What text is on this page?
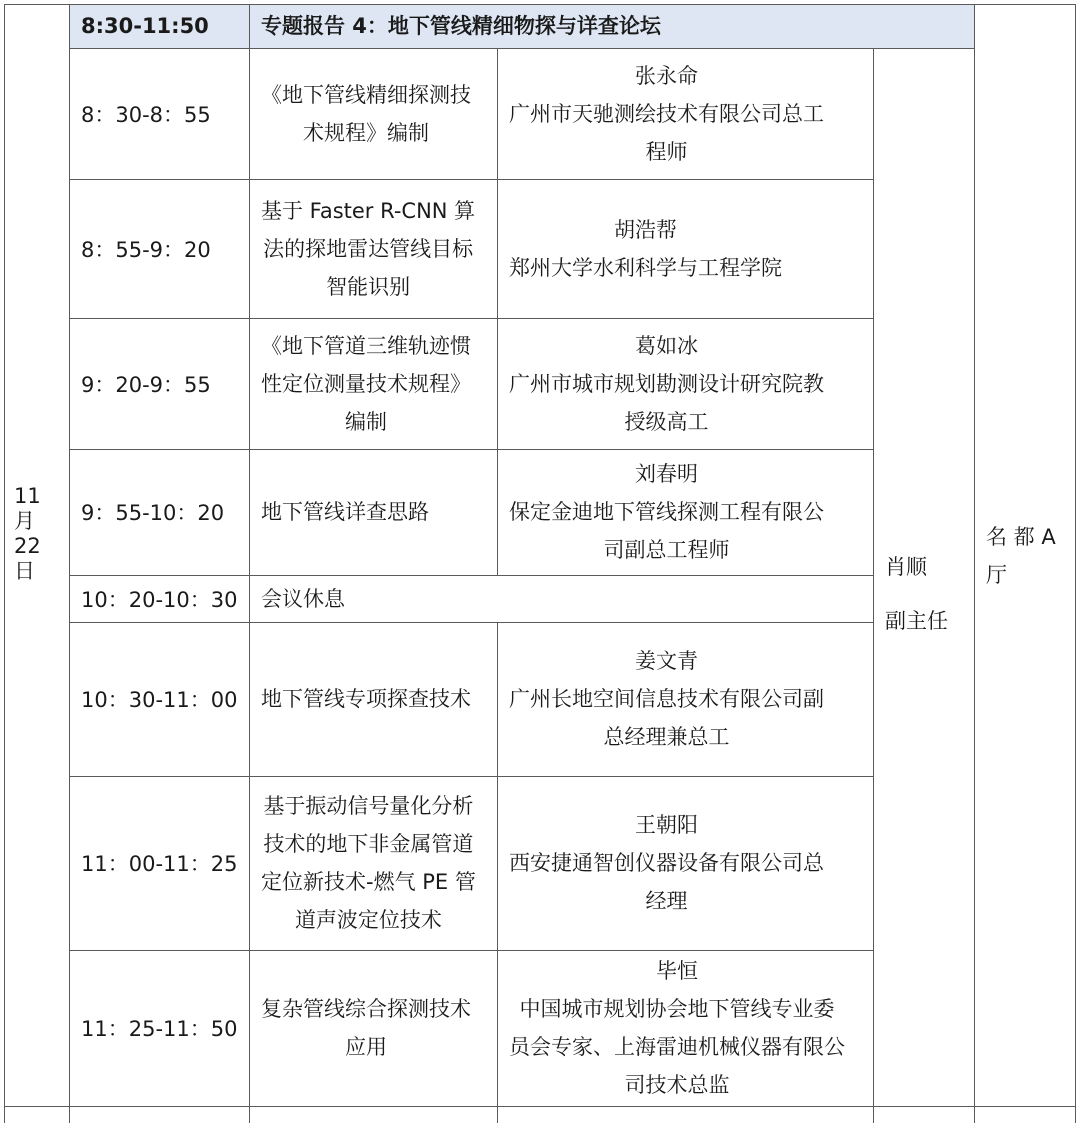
8:30-11:50 专题报告 4：地下管线精细物探与详查论坛
11
月
22
日	肖顺
副主任
名 都 A
厅
8：30-8：55
《地下管线精细探测技
术规程》编制
张永命
广州市天驰测绘技术有限公司总工
程师
8：55-9：20
基于 Faster R-CNN 算
法的探地雷达管线目标
智能识别
胡浩帮
郑州大学水利科学与工程学院
9：20-9：55
《地下管道三维轨迹惯
性定位测量技术规程》
编制
葛如冰
广州市城市规划勘测设计研究院教
授级高工
9：55-10：20 地下管线详查思路
刘春明
保定金迪地下管线探测工程有限公
司副总工程师
10：20-10：30 会议休息
10：30-11：00 地下管线专项探查技术
姜文青
广州长地空间信息技术有限公司副
总经理兼总工
11：00-11：25
基于振动信号量化分析
技术的地下非金属管道
定位新技术-燃气 PE 管
道声波定位技术
王朝阳
西安捷通智创仪器设备有限公司总
经理
11：25-11：50
复杂管线综合探测技术
应用
毕恒
中国城市规划协会地下管线专业委
员会专家、上海雷迪机械仪器有限公
司技术总监
